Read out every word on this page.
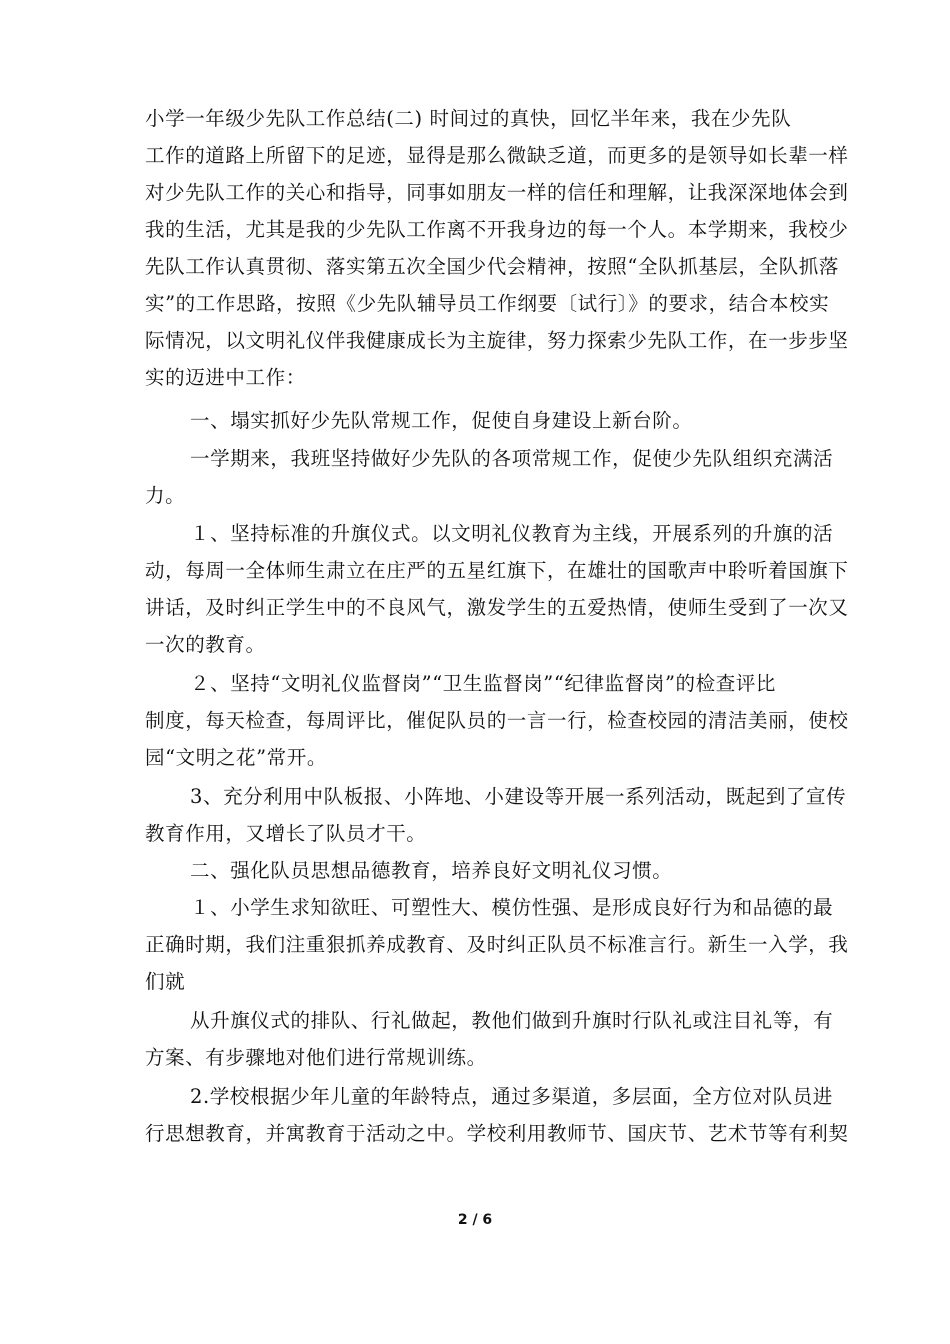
小学一年级少先队工作总结(二) 时间过的真快，回忆半年来，我在少先队
工作的道路上所留下的足迹，显得是那么微缺乏道，而更多的是领导如长辈一样
对少先队工作的关心和指导，同事如朋友一样的信任和理解，让我深深地体会到
我的生活，尤其是我的少先队工作离不开我身边的每一个人。本学期来，我校少
先队工作认真贯彻、落实第五次全国少代会精神，按照“全队抓基层，全队抓落
实”的工作思路，按照《少先队辅导员工作纲要〔试行〕》的要求，结合本校实
际情况，以文明礼仪伴我健康成长为主旋律，努力探索少先队工作，在一步步坚
实的迈进中工作：
一、塌实抓好少先队常规工作，促使自身建设上新台阶。
一学期来，我班坚持做好少先队的各项常规工作，促使少先队组织充满活
力。
１、坚持标准的升旗仪式。以文明礼仪教育为主线，开展系列的升旗的活
动，每周一全体师生肃立在庄严的五星红旗下，在雄壮的国歌声中聆听着国旗下
讲话，及时纠正学生中的不良风气，激发学生的五爱热情，使师生受到了一次又
一次的教育。
２、坚持“文明礼仪监督岗”“卫生监督岗”“纪律监督岗”的检查评比
制度，每天检查，每周评比，催促队员的一言一行，检查校园的清洁美丽，使校
园“文明之花”常开。
3、充分利用中队板报、小阵地、小建设等开展一系列活动，既起到了宣传
教育作用，又增长了队员才干。
二、强化队员思想品德教育，培养良好文明礼仪习惯。
１、小学生求知欲旺、可塑性大、模仿性强、是形成良好行为和品德的最
正确时期，我们注重狠抓养成教育、及时纠正队员不标准言行。新生一入学，我
们就
从升旗仪式的排队、行礼做起，教他们做到升旗时行队礼或注目礼等，有
方案、有步骤地对他们进行常规训练。
2.学校根据少年儿童的年龄特点，通过多渠道，多层面，全方位对队员进
行思想教育，并寓教育于活动之中。学校利用教师节、国庆节、艺术节等有利契
2 / 6
